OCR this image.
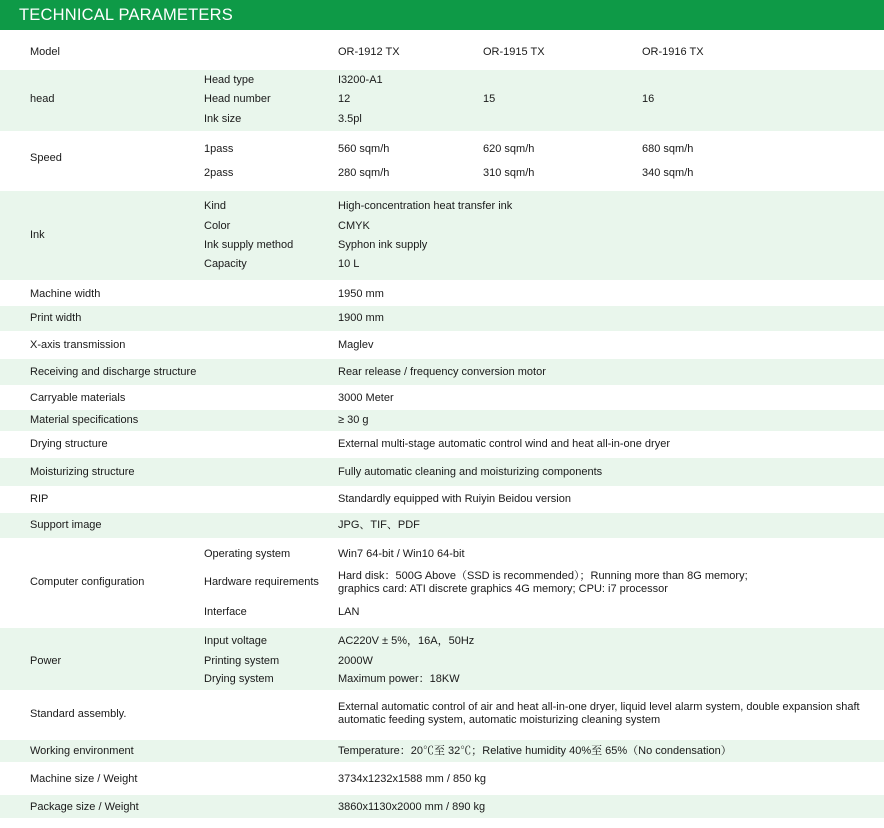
TECHNICAL PARAMETERS
Model	OR-1912 TX	OR-1915 TX	OR-1916 TX
head
Head type	I3200-A1
Head number	12	15	16
Ink size	3.5pl
Speed
1pass	560 sqm/h	620 sqm/h	680 sqm/h
2pass	280 sqm/h	310 sqm/h	340 sqm/h
Ink
Kind	High-concentration heat transfer ink
Color	CMYK
Ink supply method	Syphon ink supply
Capacity	10 L
Machine width	1950 mm
Print width	1900 mm
X-axis transmission	Maglev
Receiving and discharge structure	Rear release / frequency conversion motor
Carryable materials	3000 Meter
Material specifications	≥ 30 g
Drying structure	External multi-stage automatic control wind and heat all-in-one dryer
Moisturizing structure	Fully automatic cleaning and moisturizing components
RIP	Standardly equipped with Ruiyin Beidou version
Support image	JPG、TIF、PDF
Computer configuration
Operating system	Win7 64-bit / Win10 64-bit
Hardware requirements Hard disk：500G Above（SSD is recommended）；Running more than 8G memory;
graphics card: ATI discrete graphics 4G memory; CPU: i7 processor
Interface	LAN
Power
Input voltage	AC220V ± 5%，16A，50Hz
Printing system	2000W
Drying system	Maximum power：18KW
Standard assembly.
External automatic control of air and heat all-in-one dryer, liquid level alarm system, double expansion shaft
automatic feeding system, automatic moisturizing cleaning system
Working environment	Temperature：20℃至 32℃；Relative humidity 40%至 65%（No condensation）
Machine size / Weight	3734x1232x1588 mm / 850 kg
Package size / Weight	3860x1130x2000 mm / 890 kg
